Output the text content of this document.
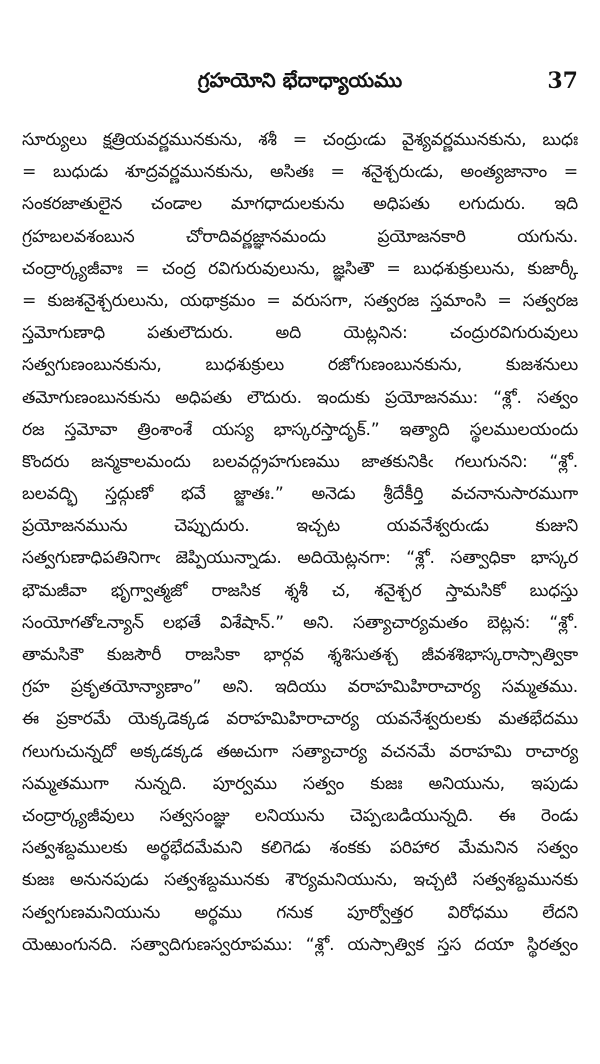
గ్రహయోని భేదాధ్యాయము	37
సూర్యులు క్షత్రియవర్ణమునకును, శశీ = చంద్రుఁడు వైశ్యవర్ణమునకును, బుధః
= బుధుడు శూద్రవర్ణమునకును, అసితః = శనైశ్చరుఁడు, అంత్యజానాం =
సంకరజాతులైన చండాల మాగధాదులకును అధిపతు లగుదురు. ఇది
గ్రహబలవశంబున చోరాదివర్ణజ్ఞానమందు ప్రయోజనకారి యగును.
చంద్రార్క్యజీవాః = చంద్ర రవిగురువులును, జ్ఞసితౌ = బుధశుక్రులును, కుజార్కీ
= కుజశనైశ్చరులును, యథాక్రమం = వరుసగా, సత్వరజ స్తమాంసి = సత్వరజ
స్తమోగుణాధి పతులౌదురు. అది యెట్లనిన: చంద్రురవిగురువులు
సత్వగుణంబునకును, బుధశుక్రులు రజోగుణంబునకును, కుజశనులు
తమోగుణంబునకును అధిపతు లౌదురు. ఇందుకు ప్రయోజనము: “శ్లో. సత్వం
రజ స్తమోవా త్రింశాంశే యస్య భాస్కరస్తాదృక్.” ఇత్యాది స్థలములయందు
కొందరు జన్మకాలమందు బలవద్గ్రహగుణము జాతకునికిఁ గలుగునని: “శ్లో.
బలవద్భి స్తద్గుణో భవే జ్జాతః.” అనెడు శ్రీదేకీర్తి వచనానుసారముగా
ప్రయోజనమును చెప్పుదురు. ఇచ్చట యవనేశ్వరుఁడు కుజుని
సత్వగుణాధిపతినిగాఁ జెప్పియున్నాడు. అదియెట్లనగా: “శ్లో. సత్వాధికా భాస్కర
భౌమజీవా భృగ్వాత్మజో రాజసిక శ్శశీ చ, శనైశ్చర స్తామసికో బుధస్తు
సంయోగతోఽన్యాన్ లభతే విశేషాన్.” అని. సత్యాచార్యమతం బెట్లన: “శ్లో.
తామసికౌ కుజసౌరీ రాజసికా భార్గవ శ్శశిసుతశ్చ జీవశశిభాస్కరాస్సాత్వికా
గ్రహ ప్రకృతయోన్యాణాం” అని. ఇదియు వరాహమిహిరాచార్య సమ్మతము.
ఈ ప్రకారమే యెక్కడెక్కడ వరాహమిహిరాచార్య యవనేశ్వరులకు మతభేదము
గలుగుచున్నదో అక్కడక్కడ తఱచుగా సత్యాచార్య వచనమే వరాహమి రాచార్య
సమ్మతముగా నున్నది. పూర్వము సత్వం కుజః అనియును, ఇపుడు
చంద్రార్క్యజీవులు సత్వసంజ్ఞు లనియును చెప్పఁబడియున్నది. ఈ రెండు
సత్వశబ్దములకు అర్థభేదమేమని కలిగెడు శంకకు పరిహార మేమనిన సత్వం
కుజః అనునపుడు సత్వశబ్దమునకు శౌర్యమనియును, ఇచ్చటి సత్వశబ్దమునకు
సత్వగుణమనియును అర్థము గనుక పూర్వోత్తర విరోధము లేదని
యెఱుంగునది. సత్వాదిగుణస్వరూపము: “శ్లో. యస్సాత్విక స్తస దయా స్థిరత్వం
